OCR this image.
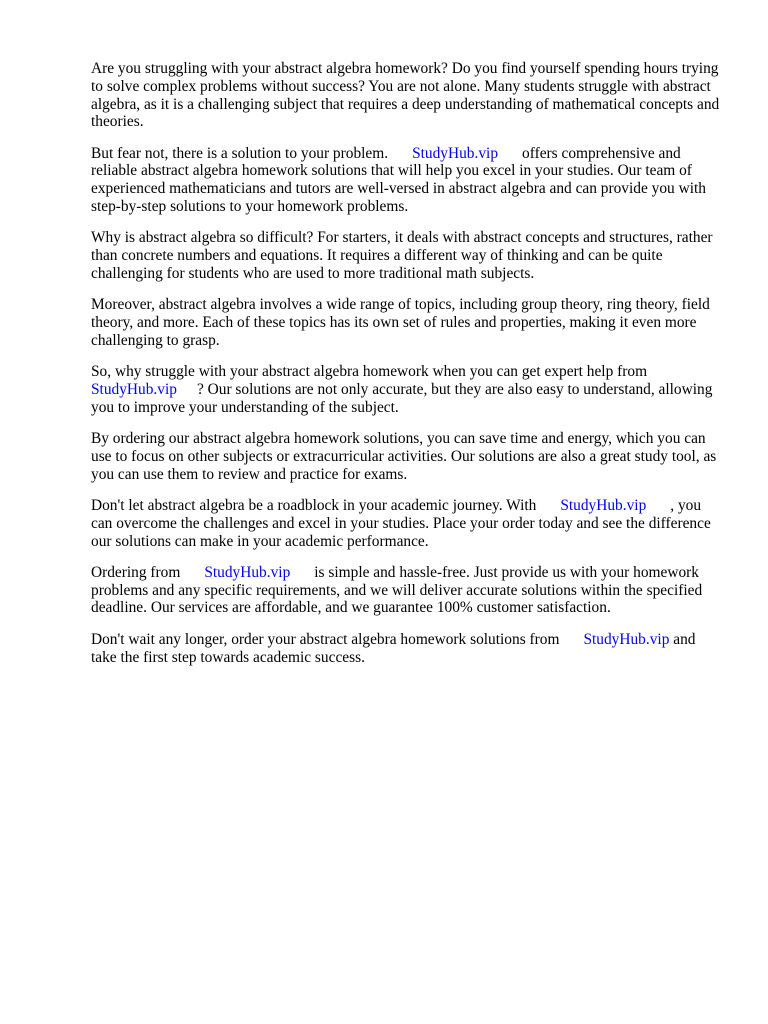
Are you struggling with your abstract algebra homework? Do you find yourself spending hours trying to solve complex problems without success? You are not alone. Many students struggle with abstract algebra, as it is a challenging subject that requires a deep understanding of mathematical concepts and theories.

But fear not, there is a solution to your problem. StudyHub.vip offers comprehensive and reliable abstract algebra homework solutions that will help you excel in your studies. Our team of experienced mathematicians and tutors are well-versed in abstract algebra and can provide you with step-by-step solutions to your homework problems.

Why is abstract algebra so difficult? For starters, it deals with abstract concepts and structures, rather than concrete numbers and equations. It requires a different way of thinking and can be quite challenging for students who are used to more traditional math subjects.

Moreover, abstract algebra involves a wide range of topics, including group theory, ring theory, field theory, and more. Each of these topics has its own set of rules and properties, making it even more challenging to grasp.

So, why struggle with your abstract algebra homework when you can get expert help from StudyHub.vip ? Our solutions are not only accurate, but they are also easy to understand, allowing you to improve your understanding of the subject.

By ordering our abstract algebra homework solutions, you can save time and energy, which you can use to focus on other subjects or extracurricular activities. Our solutions are also a great study tool, as you can use them to review and practice for exams.

Don't let abstract algebra be a roadblock in your academic journey. With StudyHub.vip , you can overcome the challenges and excel in your studies. Place your order today and see the difference our solutions can make in your academic performance.

Ordering from StudyHub.vip is simple and hassle-free. Just provide us with your homework problems and any specific requirements, and we will deliver accurate solutions within the specified deadline. Our services are affordable, and we guarantee 100% customer satisfaction.

Don't wait any longer, order your abstract algebra homework solutions from StudyHub.vip and take the first step towards academic success.
